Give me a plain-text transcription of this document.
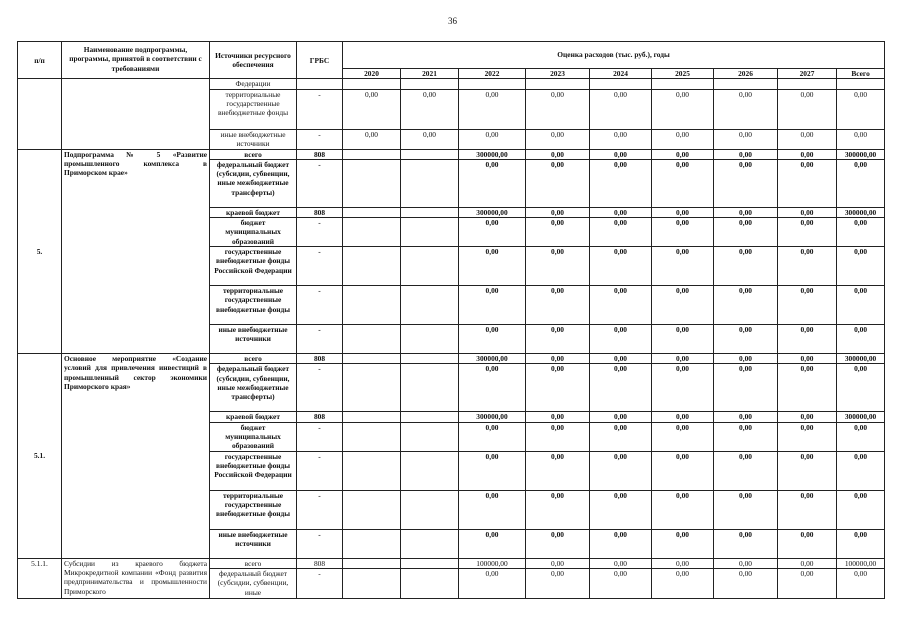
36
п/п	Наименование подпрограммы, программы, принятой в соответствии с требованиями	Источники ресурсного обеспечения	ГРБС	Оценка расходов (тыс. руб.), годы								
				2020	2021	2022	2023	2024	2025	2026	2027	Всего
		Федерации										
		территориальные государственные внебюджетные фонды	-	0,00	0,00	0,00	0,00	0,00	0,00	0,00	0,00	0,00
		иные внебюджетные источники	-	0,00	0,00	0,00	0,00	0,00	0,00	0,00	0,00	0,00
5.	Подпрограмма № 5 «Развитие промышленного комплекса в Приморском крае»	всего	808			300000,00	0,00	0,00	0,00	0,00	0,00	300000,00
		федеральный бюджет (субсидии, субвенции, иные межбюджетные трансферты)	-			0,00	0,00	0,00	0,00	0,00	0,00	0,00
		краевой бюджет	808			300000,00	0,00	0,00	0,00	0,00	0,00	300000,00
		бюджет муниципальных образований	-			0,00	0,00	0,00	0,00	0,00	0,00	0,00
		государственные внебюджетные фонды Российской Федерации	-			0,00	0,00	0,00	0,00	0,00	0,00	0,00
		территориальные государственные внебюджетные фонды	-			0,00	0,00	0,00	0,00	0,00	0,00	0,00
		иные внебюджетные источники	-			0,00	0,00	0,00	0,00	0,00	0,00	0,00
5.1.	Основное мероприятие «Создание условий для привлечения инвестиций в промышленный сектор экономики Приморского края»	всего	808			300000,00	0,00	0,00	0,00	0,00	0,00	300000,00
		федеральный бюджет (субсидии, субвенции, иные межбюджетные трансферты)	-			0,00	0,00	0,00	0,00	0,00	0,00	0,00
		краевой бюджет	808			300000,00	0,00	0,00	0,00	0,00	0,00	300000,00
		бюджет муниципальных образований	-			0,00	0,00	0,00	0,00	0,00	0,00	0,00
		государственные внебюджетные фонды Российской Федерации	-			0,00	0,00	0,00	0,00	0,00	0,00	0,00
		территориальные государственные внебюджетные фонды	-			0,00	0,00	0,00	0,00	0,00	0,00	0,00
		иные внебюджетные источники	-			0,00	0,00	0,00	0,00	0,00	0,00	0,00
5.1.1.	Субсидии из краевого бюджета Микрокредитной компании «Фонд развития предпринимательства и промышленности Приморского	всего	808			100000,00	0,00	0,00	0,00	0,00	0,00	100000,00
		федеральный бюджет (субсидии, субвенции, иные	-			0,00	0,00	0,00	0,00	0,00	0,00	0,00
